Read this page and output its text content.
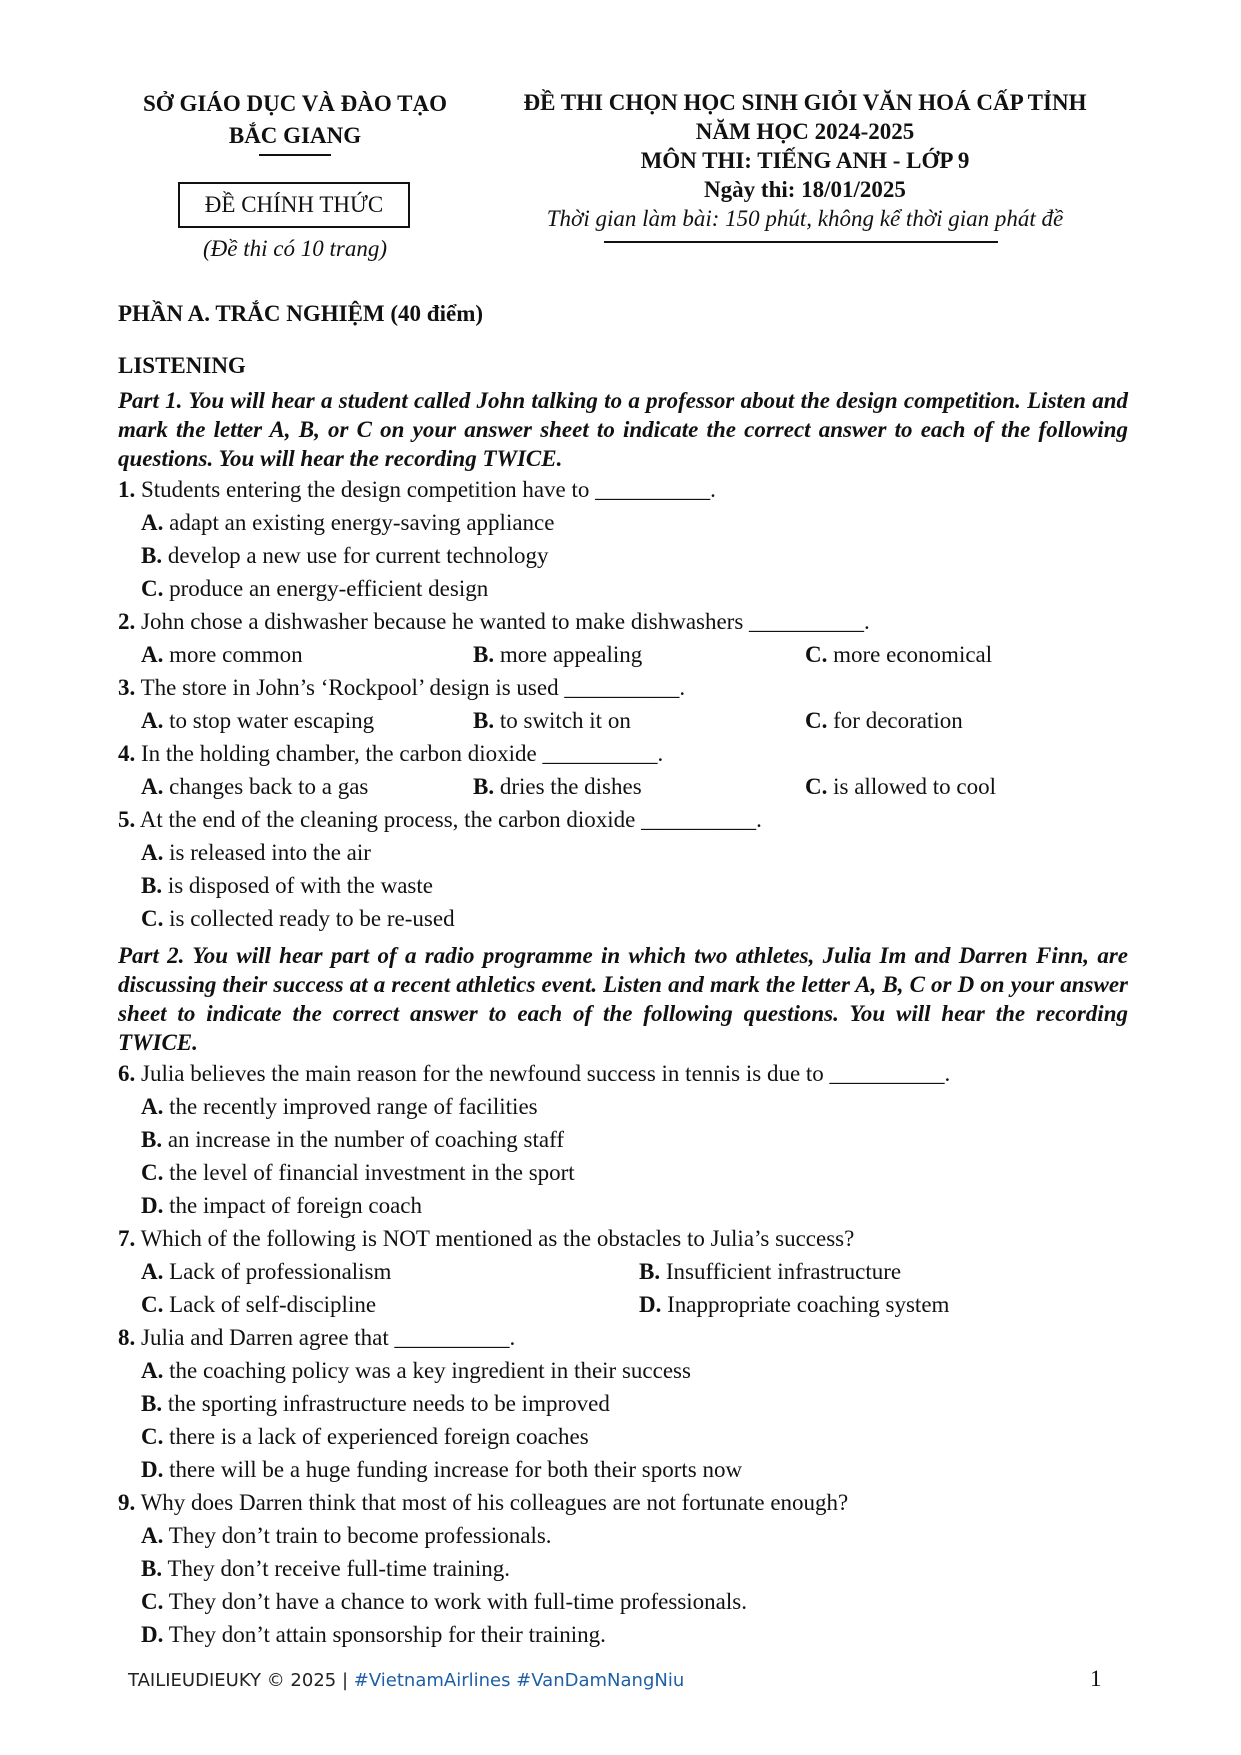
SỞ GIÁO DỤC VÀ ĐÀO TẠO
BẮC GIANG
ĐỀ CHÍNH THỨC
(Đề thi có 10 trang)
ĐỀ THI CHỌN HỌC SINH GIỎI VĂN HOÁ CẤP TỈNH
NĂM HỌC 2024-2025
MÔN THI: TIẾNG ANH - LỚP 9
Ngày thi: 18/01/2025
Thời gian làm bài: 150 phút, không kể thời gian phát đề
PHẦN A. TRẮC NGHIỆM (40 điểm)
LISTENING
Part 1. You will hear a student called John talking to a professor about the design competition. Listen and mark the letter A, B, or C on your answer sheet to indicate the correct answer to each of the following questions. You will hear the recording TWICE.
1. Students entering the design competition have to __________.
A. adapt an existing energy-saving appliance
B. develop a new use for current technology
C. produce an energy-efficient design
2. John chose a dishwasher because he wanted to make dishwashers __________.
A. more common	B. more appealing	C. more economical
3. The store in John’s ‘Rockpool’ design is used __________.
A. to stop water escaping	B. to switch it on	C. for decoration
4. In the holding chamber, the carbon dioxide __________.
A. changes back to a gas	B. dries the dishes	C. is allowed to cool
5. At the end of the cleaning process, the carbon dioxide __________.
A. is released into the air
B. is disposed of with the waste
C. is collected ready to be re-used
Part 2. You will hear part of a radio programme in which two athletes, Julia Im and Darren Finn, are discussing their success at a recent athletics event. Listen and mark the letter A, B, C or D on your answer sheet to indicate the correct answer to each of the following questions. You will hear the recording TWICE.
6. Julia believes the main reason for the newfound success in tennis is due to __________.
A. the recently improved range of facilities
B. an increase in the number of coaching staff
C. the level of financial investment in the sport
D. the impact of foreign coach
7. Which of the following is NOT mentioned as the obstacles to Julia’s success?
A. Lack of professionalism	B. Insufficient infrastructure
C. Lack of self-discipline	D. Inappropriate coaching system
8. Julia and Darren agree that __________.
A. the coaching policy was a key ingredient in their success
B. the sporting infrastructure needs to be improved
C. there is a lack of experienced foreign coaches
D. there will be a huge funding increase for both their sports now
9. Why does Darren think that most of his colleagues are not fortunate enough?
A. They don’t train to become professionals.
B. They don’t receive full-time training.
C. They don’t have a chance to work with full-time professionals.
D. They don’t attain sponsorship for their training.
TAILIEUDIEUKY © 2025 | #VietnamAirlines #VanDamNangNiu	1
